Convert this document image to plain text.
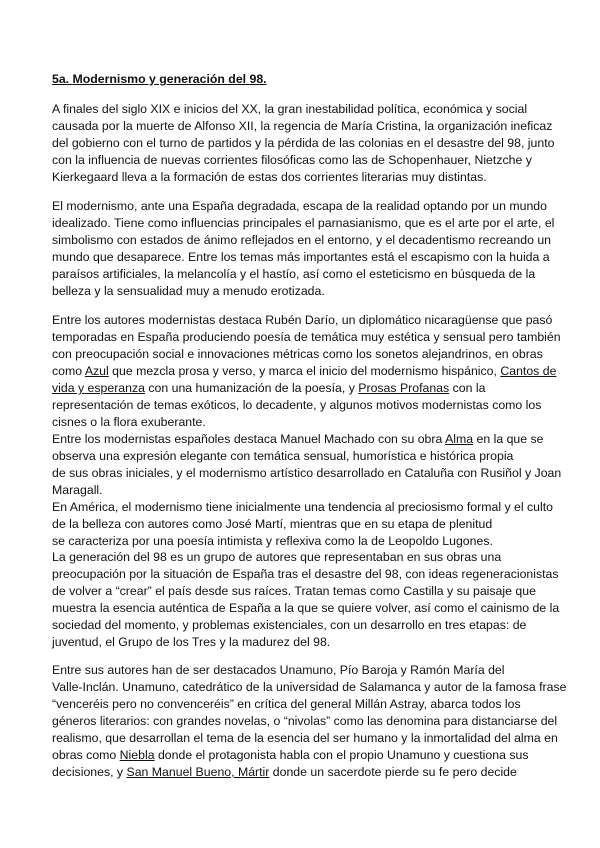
5a. Modernismo y generación del 98.

A finales del siglo XIX e inicios del XX, la gran inestabilidad política, económica y social
causada por la muerte de Alfonso XII, la regencia de María Cristina, la organización ineficaz
del gobierno con el turno de partidos y la pérdida de las colonias en el desastre del 98, junto
con la influencia de nuevas corrientes filosóficas como las de Schopenhauer, Nietzche y
Kierkegaard lleva a la formación de estas dos corrientes literarias muy distintas.

El modernismo, ante una España degradada, escapa de la realidad optando por un mundo
idealizado. Tiene como influencias principales el parnasianismo, que es el arte por el arte, el
simbolismo con estados de ánimo reflejados en el entorno, y el decadentismo recreando un
mundo que desaparece. Entre los temas más importantes está el escapismo con la huida a
paraísos artificiales, la melancolía y el hastío, así como el esteticismo en búsqueda de la
belleza y la sensualidad muy a menudo erotizada.

Entre los autores modernistas destaca Rubén Darío, un diplomático nicaragüense que pasó
temporadas en España produciendo poesía de temática muy estética y sensual pero también
con preocupación social e innovaciones métricas como los sonetos alejandrinos, en obras
como Azul que mezcla prosa y verso, y marca el inicio del modernismo hispánico, Cantos de
vida y esperanza con una humanización de la poesía, y Prosas Profanas con la
representación de temas exóticos, lo decadente, y algunos motivos modernistas como los
cisnes o la flora exuberante.
Entre los modernistas españoles destaca Manuel Machado con su obra Alma en la que se
observa una expresión elegante con temática sensual, humorística e histórica propia
de sus obras iniciales, y el modernismo artístico desarrollado en Cataluña con Rusiñol y Joan
Maragall.
En América, el modernismo tiene inicialmente una tendencia al preciosismo formal y el culto
de la belleza con autores como José Martí, mientras que en su etapa de plenitud
se caracteriza por una poesía intimista y reflexiva como la de Leopoldo Lugones.

La generación del 98 es un grupo de autores que representaban en sus obras una
preocupación por la situación de España tras el desastre del 98, con ideas regeneracionistas
de volver a “crear” el país desde sus raíces. Tratan temas como Castilla y su paisaje que
muestra la esencia auténtica de España a la que se quiere volver, así como el cainismo de la
sociedad del momento, y problemas existenciales, con un desarrollo en tres etapas: de
juventud, el Grupo de los Tres y la madurez del 98.

Entre sus autores han de ser destacados Unamuno, Pío Baroja y Ramón María del
Valle-Inclán. Unamuno, catedrático de la universidad de Salamanca y autor de la famosa frase
“venceréis pero no convenceréis” en crítica del general Millán Astray, abarca todos los
géneros literarios: con grandes novelas, o “nivolas” como las denomina para distanciarse del
realismo, que desarrollan el tema de la esencia del ser humano y la inmortalidad del alma en
obras como Niebla donde el protagonista habla con el propio Unamuno y cuestiona sus
decisiones, y San Manuel Bueno, Mártir donde un sacerdote pierde su fe pero decide
